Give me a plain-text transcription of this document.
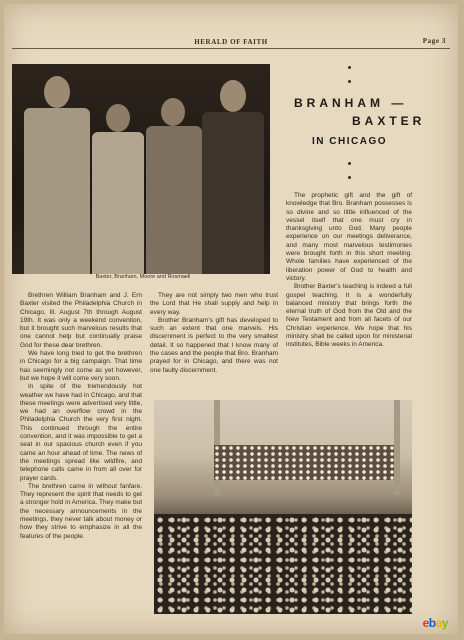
HERALD OF FAITH	Page 3
Baxter, Branham, Moore and Rosmaeli
BRANHAM —
BAXTER
IN CHICAGO

Brethren William Branham and J. Ern Baxter visited the Philadelphia Church in Chicago, Ill. August 7th through August 19th. It was only a weekend convention, but it brought such marvelous results that one cannot help but continually praise God for these dear brethren.

We have long tried to get the brethren in Chicago for a big campaign. That time has seemingly not come as yet however, but we hope it will come very soon.

In spite of the tremendously hot weather we have had in Chicago, and that these meetings were advertised very little, we had an overflow crowd in the Philadelphia Church the very first night. This continued through the entire convention, and it was impossible to get a seat in our spacious church even if you came an hour ahead of time. The news of the meetings spread like wildfire, and telephone calls came in from all over for prayer cards.

The brethren came in without fanfare. They represent the spirit that needs to get a stronger hold in America. They make but the necessary announcements in the meetings, they never talk about money or how they strive to emphasize in all the features of the people.

They are not simply two men who trust the Lord that He shall supply and help in every way.

Brother Branham's gift has developed to such an extent that one marvels. His discernment is perfect to the very smallest detail. It so happened that I know many of the cases and the people that Bro. Branham prayed for in Chicago, and there was not one faulty discernment.

The prophetic gift and the gift of knowledge that Bro. Branham possesses is so divine and so little influenced of the vessel itself that one must cry in thanksgiving unto God. Many people experience on our meetings deliverance, and many most marvelous testimonies were brought forth in this short meeting. Whole families have experienced of the liberation power of God to health and victory.

Brother Baxter's teaching is indeed a full gospel teaching. It is a wonderfully balanced ministry that brings forth the eternal truth of God from the Old and the New Testament and from all facets of our Christian experience. We hope that his ministry shall be called upon for ministerial institutes, Bible weeks in America.

ebay
